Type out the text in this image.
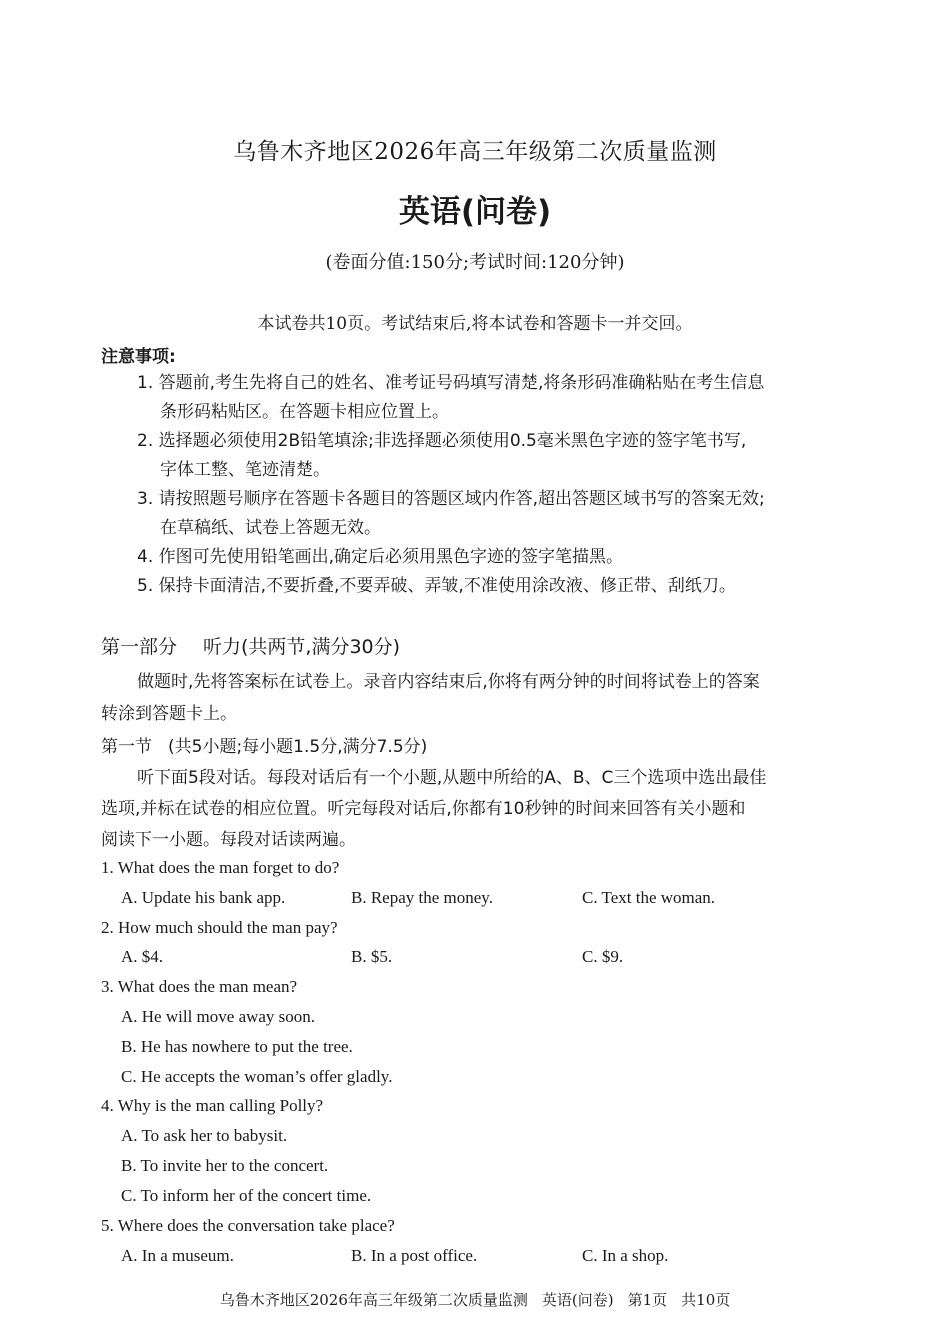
乌鲁木齐地区2026年高三年级第二次质量监测
英语(问卷)
(卷面分值:150分;考试时间:120分钟)
本试卷共10页。考试结束后,将本试卷和答题卡一并交回。
注意事项:
1. 答题前,考生先将自己的姓名、准考证号码填写清楚,将条形码准确粘贴在考生信息
条形码粘贴区。在答题卡相应位置上。
2. 选择题必须使用2B铅笔填涂;非选择题必须使用0.5毫米黑色字迹的签字笔书写,
字体工整、笔迹清楚。
3. 请按照题号顺序在答题卡各题目的答题区域内作答,超出答题区域书写的答案无效;
在草稿纸、试卷上答题无效。
4. 作图可先使用铅笔画出,确定后必须用黑色字迹的签字笔描黑。
5. 保持卡面清洁,不要折叠,不要弄破、弄皱,不准使用涂改液、修正带、刮纸刀。
第一部分 听力(共两节,满分30分)
做题时,先将答案标在试卷上。录音内容结束后,你将有两分钟的时间将试卷上的答案
转涂到答题卡上。
第一节 (共5小题;每小题1.5分,满分7.5分)
听下面5段对话。每段对话后有一个小题,从题中所给的A、B、C三个选项中选出最佳
选项,并标在试卷的相应位置。听完每段对话后,你都有10秒钟的时间来回答有关小题和
阅读下一小题。每段对话读两遍。
1. What does the man forget to do?
A. Update his bank app.	B. Repay the money.	C. Text the woman.
2. How much should the man pay?
A. $4.	B. $5.	C. $9.
3. What does the man mean?
A. He will move away soon.
B. He has nowhere to put the tree.
C. He accepts the woman’s offer gladly.
4. Why is the man calling Polly?
A. To ask her to babysit.
B. To invite her to the concert.
C. To inform her of the concert time.
5. Where does the conversation take place?
A. In a museum.	B. In a post office.	C. In a shop.
乌鲁木齐地区2026年高三年级第二次质量监测 英语(问卷) 第1页 共10页
